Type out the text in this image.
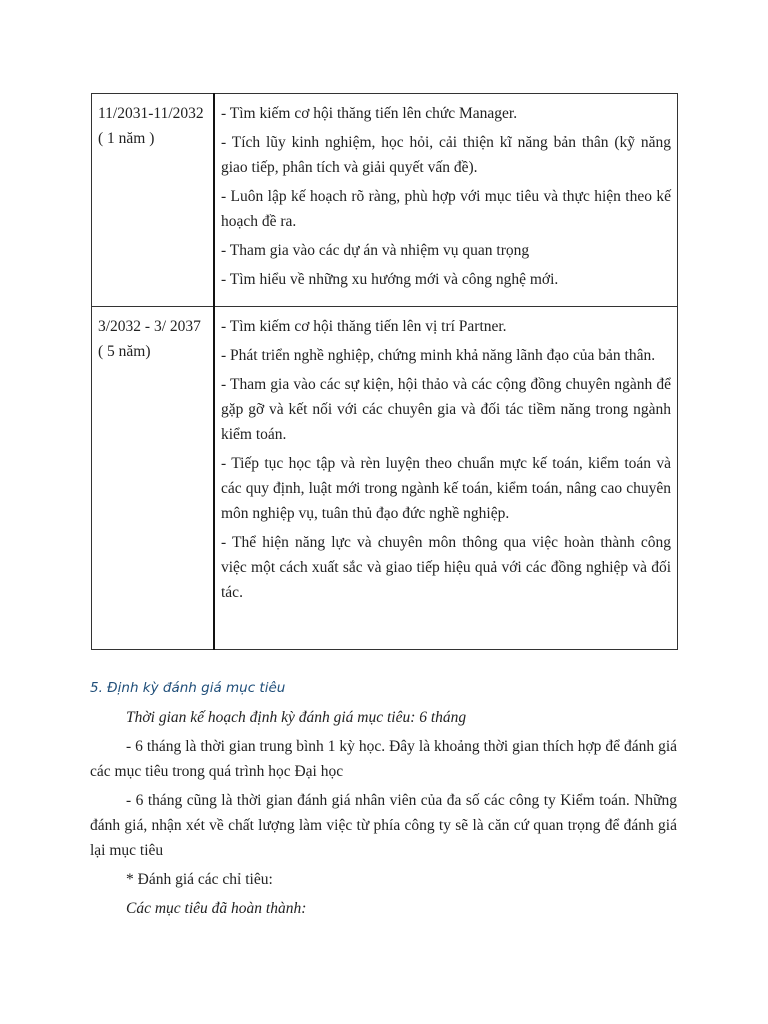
11/2031-11/2032 ( 1 năm )	- Tìm kiếm cơ hội thăng tiến lên chức Manager.

- Tích lũy kinh nghiệm, học hỏi, cải thiện kĩ năng bản thân (kỹ năng giao tiếp, phân tích và giải quyết vấn đề).

- Luôn lập kế hoạch rõ ràng, phù hợp với mục tiêu và thực hiện theo kế hoạch đề ra.

- Tham gia vào các dự án và nhiệm vụ quan trọng

- Tìm hiểu về những xu hướng mới và công nghệ mới.

3/2032 - 3/ 2037 ( 5 năm)	- Tìm kiếm cơ hội thăng tiến lên vị trí Partner.

- Phát triển nghề nghiệp, chứng minh khả năng lãnh đạo của bản thân.

- Tham gia vào các sự kiện, hội thảo và các cộng đồng chuyên ngành để gặp gỡ và kết nối với các chuyên gia và đối tác tiềm năng trong ngành kiểm toán.

- Tiếp tục học tập và rèn luyện theo chuẩn mực kế toán, kiểm toán và các quy định, luật mới trong ngành kế toán, kiểm toán, nâng cao chuyên môn nghiệp vụ, tuân thủ đạo đức nghề nghiệp.

- Thể hiện năng lực và chuyên môn thông qua việc hoàn thành công việc một cách xuất sắc và giao tiếp hiệu quả với các đồng nghiệp và đối tác.

5. Định kỳ đánh giá mục tiêu

Thời gian kế hoạch định kỳ đánh giá mục tiêu: 6 tháng

- 6 tháng là thời gian trung bình 1 kỳ học. Đây là khoảng thời gian thích hợp để đánh giá các mục tiêu trong quá trình học Đại học

- 6 tháng cũng là thời gian đánh giá nhân viên của đa số các công ty Kiểm toán. Những đánh giá, nhận xét về chất lượng làm việc từ phía công ty sẽ là căn cứ quan trọng để đánh giá lại mục tiêu

* Đánh giá các chỉ tiêu:

Các mục tiêu đã hoàn thành:
